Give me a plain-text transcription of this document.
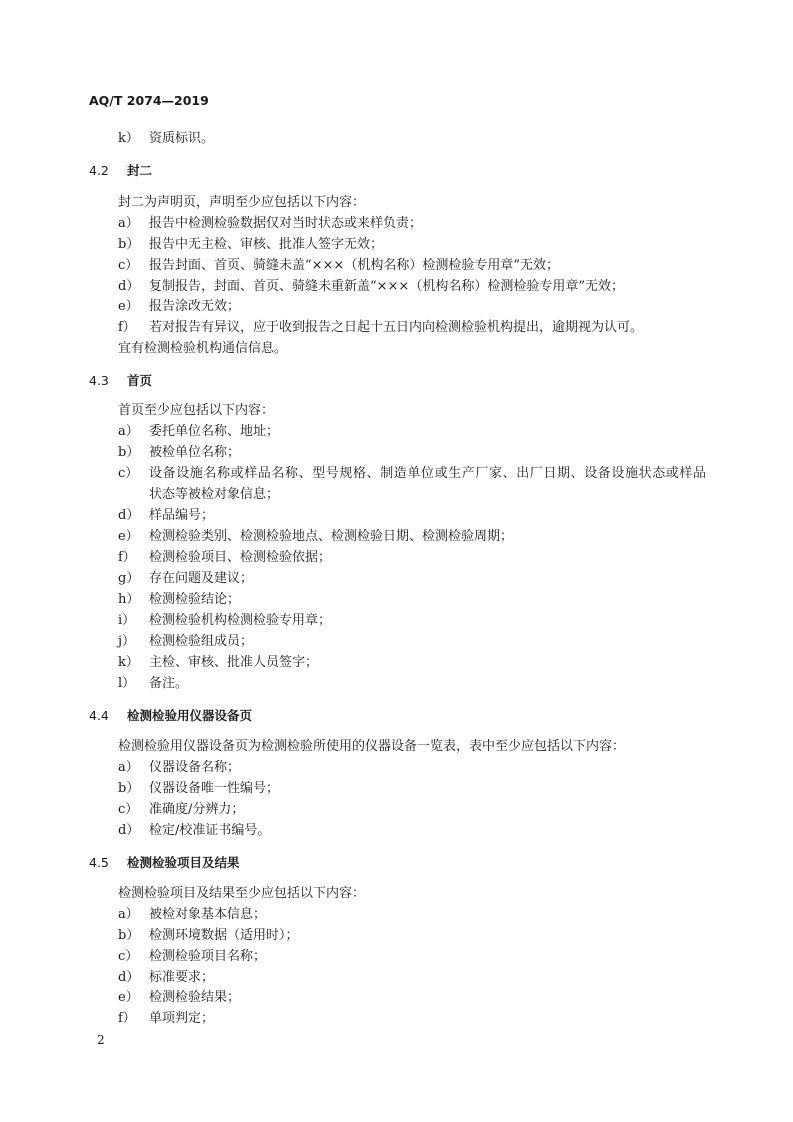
AQ/T 2074—2019
k） 资质标识。
4.2 封二
封二为声明页，声明至少应包括以下内容：
a） 报告中检测检验数据仅对当时状态或来样负责；
b） 报告中无主检、审核、批准人签字无效；
c） 报告封面、首页、骑缝未盖“×××（机构名称）检测检验专用章”无效；
d） 复制报告，封面、首页、骑缝未重新盖“×××（机构名称）检测检验专用章”无效；
e） 报告涂改无效；
f） 若对报告有异议，应于收到报告之日起十五日内向检测检验机构提出，逾期视为认可。
宜有检测检验机构通信信息。
4.3 首页
首页至少应包括以下内容：
a） 委托单位名称、地址；
b） 被检单位名称；
c） 设备设施名称或样品名称、型号规格、制造单位或生产厂家、出厂日期、设备设施状态或样品
状态等被检对象信息；
d） 样品编号；
e） 检测检验类别、检测检验地点、检测检验日期、检测检验周期；
f） 检测检验项目、检测检验依据；
g） 存在问题及建议；
h） 检测检验结论；
i） 检测检验机构检测检验专用章；
j） 检测检验组成员；
k） 主检、审核、批准人员签字；
l） 备注。
4.4 检测检验用仪器设备页
检测检验用仪器设备页为检测检验所使用的仪器设备一览表，表中至少应包括以下内容：
a） 仪器设备名称；
b） 仪器设备唯一性编号；
c） 准确度/分辨力；
d） 检定/校准证书编号。
4.5 检测检验项目及结果
检测检验项目及结果至少应包括以下内容：
a） 被检对象基本信息；
b） 检测环境数据（适用时）；
c） 检测检验项目名称；
d） 标准要求；
e） 检测检验结果；
f） 单项判定；
2
